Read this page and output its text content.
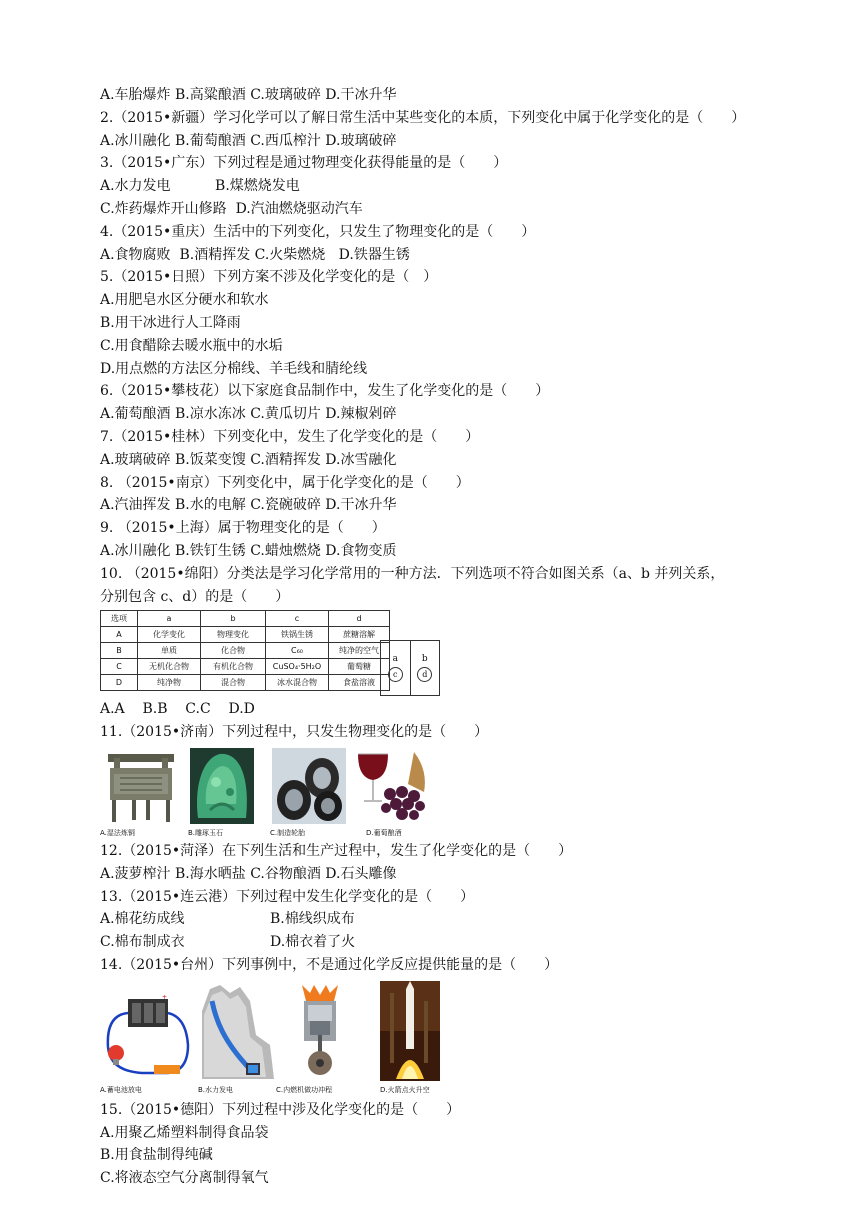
A.车胎爆炸 B.高粱酿酒 C.玻璃破碎 D.干冰升华
2.（2015•新疆）学习化学可以了解日常生活中某些变化的本质，下列变化中属于化学变化的是（　　）
A.冰川融化 B.葡萄酿酒 C.西瓜榨汁 D.玻璃破碎
3.（2015•广东）下列过程是通过物理变化获得能量的是（　　）
A.水力发电          B.煤燃烧发电
C.炸药爆炸开山修路  D.汽油燃烧驱动汽车
4.（2015•重庆）生活中的下列变化，只发生了物理变化的是（　　）
A.食物腐败  B.酒精挥发 C.火柴燃烧   D.铁器生锈
5.（2015•日照）下列方案不涉及化学变化的是（　）
A.用肥皂水区分硬水和软水
B.用干冰进行人工降雨
C.用食醋除去暖水瓶中的水垢
D.用点燃的方法区分棉线、羊毛线和腈纶线
6.（2015•攀枝花）以下家庭食品制作中，发生了化学变化的是（　　）
A.葡萄酿酒 B.凉水冻冰 C.黄瓜切片 D.辣椒剁碎
7.（2015•桂林）下列变化中，发生了化学变化的是（　　）
A.玻璃破碎 B.饭菜变馊 C.酒精挥发 D.冰雪融化
8. （2015•南京）下列变化中，属于化学变化的是（　　）
A.汽油挥发 B.水的电解 C.瓷碗破碎 D.干冰升华
9. （2015•上海）属于物理变化的是（　　）
A.冰川融化 B.铁钉生锈 C.蜡烛燃烧 D.食物变质
10. （2015•绵阳）分类法是学习化学常用的一种方法．下列选项不符合如图关系（a、b 并列关系，
分别包含 c、d）的是（　　）
选项	a	b	c	d
A	化学变化	物理变化	铁锅生锈	蔗糖溶解
B	单质	化合物	C₆₀	纯净的空气
C	无机化合物	有机化合物	CuSO₄·5H₂O	葡萄糖
D	纯净物	混合物	冰水混合物	食盐溶液
a
c
b
d
A.A    B.B    C.C    D.D
11.（2015•济南）下列过程中，只发生物理变化的是（　　）
A.湿法炼铜	B.雕琢玉石	C.制造轮胎	D.葡萄酿酒
12.（2015•菏泽）在下列生活和生产过程中，发生了化学变化的是（　　）
A.菠萝榨汁 B.海水晒盐 C.谷物酿酒 D.石头雕像
13.（2015•连云港）下列过程中发生化学变化的是（　　）
A.棉花纺成线	B.棉线织成布
C.棉布制成衣	D.棉衣着了火
14.（2015•台州）下列事例中，不是通过化学反应提供能量的是（　　）
+
A.蓄电池放电	B.水力发电	C.内燃机做功冲程	D.火箭点火升空
15.（2015•德阳）下列过程中涉及化学变化的是（　　）
A.用聚乙烯塑料制得食品袋
B.用食盐制得纯碱
C.将液态空气分离制得氧气
